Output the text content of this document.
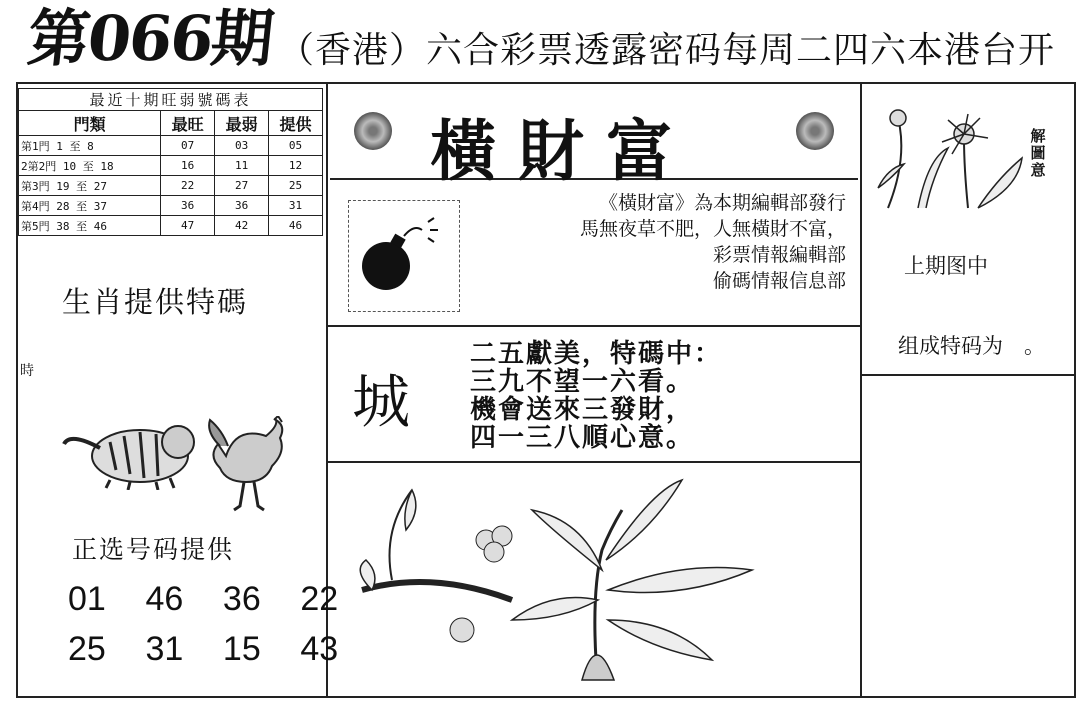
第066期 （香港）六合彩票透露密码每周二四六本港台开
最近十期旺弱號碼表			
門類	最旺	最弱	提供
第1門 1 至 8	07	03	05
2第2門 10 至 18	16	11	12
第3門 19 至 27	22	27	25
第4門 28 至 37	36	36	31
第5門 38 至 46	47	42	46
生肖提供特碼
時
正选号码提供
01 46 36 22
25 31 15 43
橫財富
《橫財富》為本期編輯部發行
馬無夜草不肥，人無橫財不富，
彩票情報編輯部
偷碼情報信息部
城
二五獻美，特碼中：
三九不望一六看。
機會送來三發財，
四一三八順心意。
解圖意
上期图中
组成特码为　。
